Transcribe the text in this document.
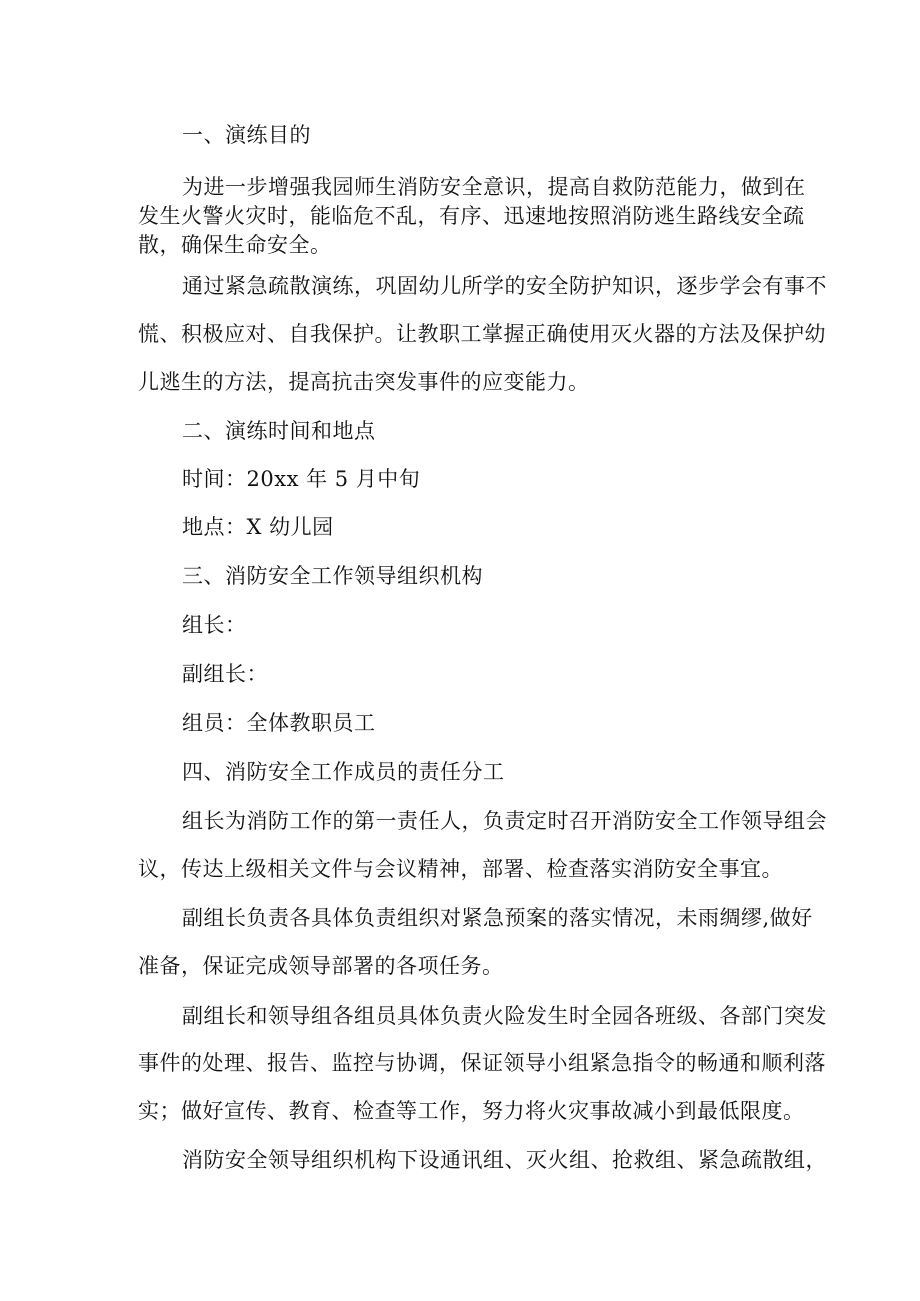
一、演练目的
为进一步增强我园师生消防安全意识，提高自救防范能力，做到在
发生火警火灾时，能临危不乱，有序、迅速地按照消防逃生路线安全疏
散，确保生命安全。
通过紧急疏散演练，巩固幼儿所学的安全防护知识，逐步学会有事不
慌、积极应对、自我保护。让教职工掌握正确使用灭火器的方法及保护幼
儿逃生的方法，提高抗击突发事件的应变能力。
二、演练时间和地点
时间：20xx 年 5 月中旬
地点：X 幼儿园
三、消防安全工作领导组织机构
组长：
副组长：
组员：全体教职员工
四、消防安全工作成员的责任分工
组长为消防工作的第一责任人，负责定时召开消防安全工作领导组会
议，传达上级相关文件与会议精神，部署、检查落实消防安全事宜。
副组长负责各具体负责组织对紧急预案的落实情况，未雨绸缪,做好
准备，保证完成领导部署的各项任务。
副组长和领导组各组员具体负责火险发生时全园各班级、各部门突发
事件的处理、报告、监控与协调，保证领导小组紧急指令的畅通和顺利落
实；做好宣传、教育、检查等工作，努力将火灾事故减小到最低限度。
消防安全领导组织机构下设通讯组、灭火组、抢救组、紧急疏散组，
